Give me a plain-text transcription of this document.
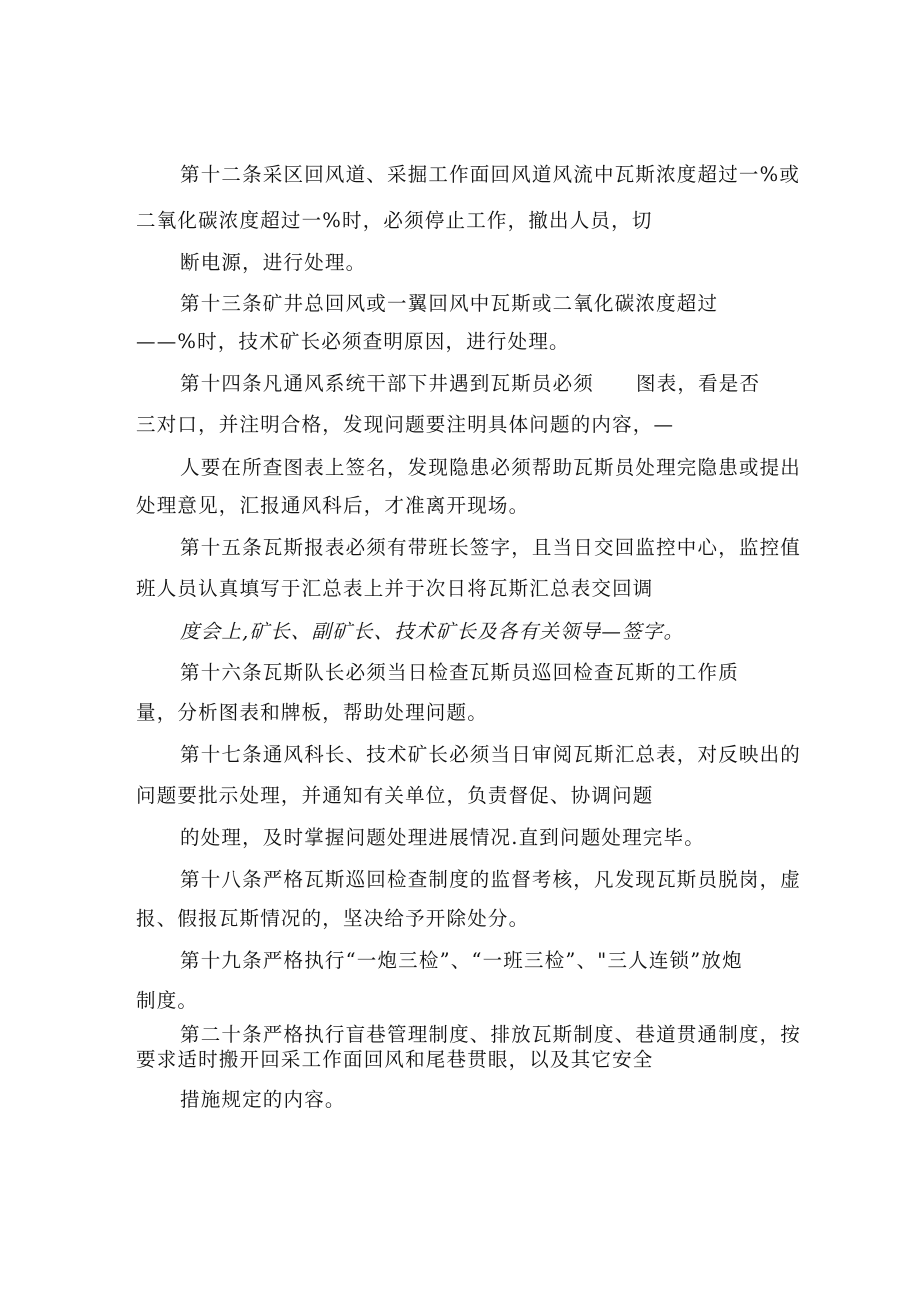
第十二条采区回风道、采掘工作面回风道风流中瓦斯浓度超过一%或
二氧化碳浓度超过一%时，必须停止工作，撤出人员，切
断电源，进行处理。
第十三条矿井总回风或一翼回风中瓦斯或二氧化碳浓度超过
——%时，技术矿长必须查明原因，进行处理。
第十四条凡通风系统干部下井遇到瓦斯员必须 图表，看是否
三对口，并注明合格，发现问题要注明具体问题的内容，—
人要在所查图表上签名，发现隐患必须帮助瓦斯员处理完隐患或提出
处理意见，汇报通风科后，才准离开现场。
第十五条瓦斯报表必须有带班长签字，且当日交回监控中心，监控值
班人员认真填写于汇总表上并于次日将瓦斯汇总表交回调
度会上,矿长、副矿长、技术矿长及各有关领导—签字。
第十六条瓦斯队长必须当日检查瓦斯员巡回检查瓦斯的工作质
量，分析图表和牌板，帮助处理问题。
第十七条通风科长、技术矿长必须当日审阅瓦斯汇总表，对反映出的
问题要批示处理，并通知有关单位，负责督促、协调问题
的处理，及时掌握问题处理进展情况.直到问题处理完毕。
第十八条严格瓦斯巡回检查制度的监督考核，凡发现瓦斯员脱岗，虚
报、假报瓦斯情况的，坚决给予开除处分。
第十九条严格执行“一炮三检”、“一班三检”、"三人连锁”放炮
制度。
第二十条严格执行盲巷管理制度、排放瓦斯制度、巷道贯通制度，按
要求适时搬开回采工作面回风和尾巷贯眼，以及其它安全
措施规定的内容。
